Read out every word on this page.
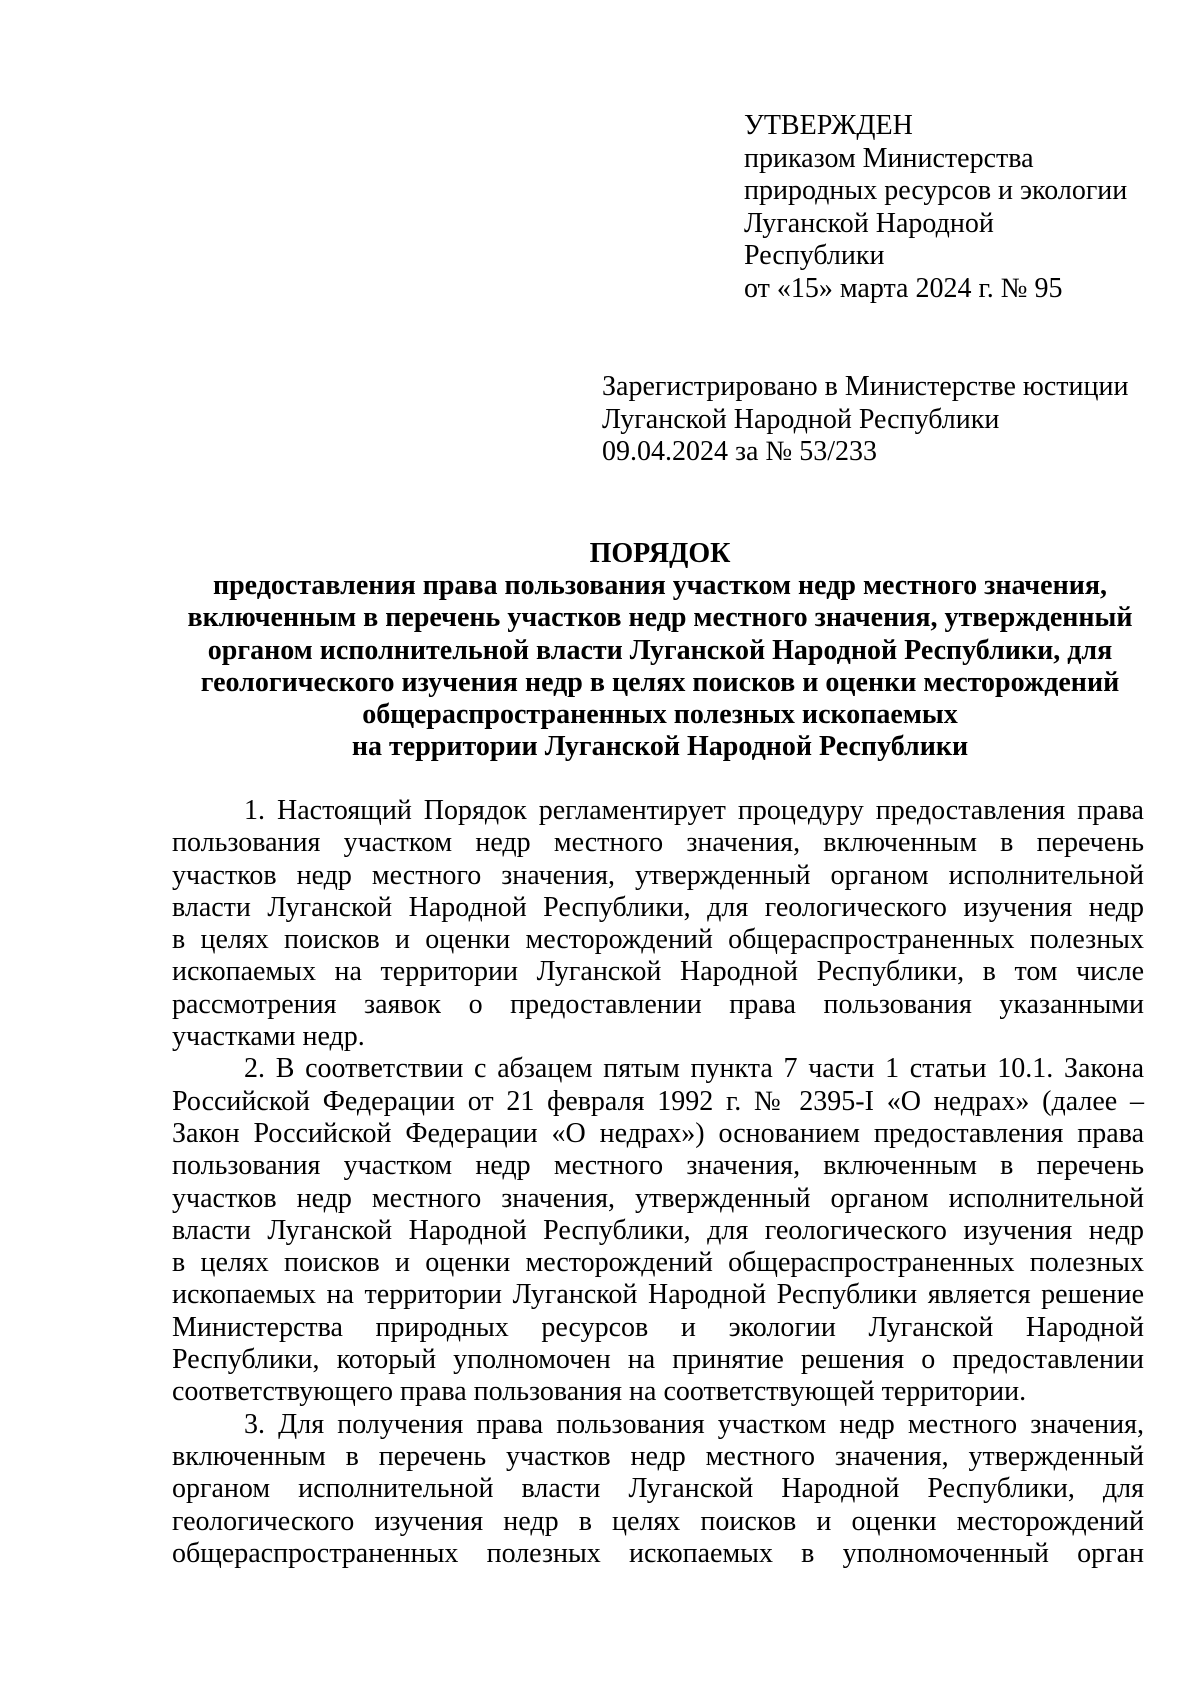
УТВЕРЖДЕН
приказом Министерства
природных ресурсов и экологии
Луганской Народной
Республики
от «15» марта 2024 г. № 95
Зарегистрировано в Министерстве юстиции
Луганской Народной Республики
09.04.2024 за № 53/233
ПОРЯДОК
предоставления права пользования участком недр местного значения,
включенным в перечень участков недр местного значения, утвержденный
органом исполнительной власти Луганской Народной Республики, для
геологического изучения недр в целях поисков и оценки месторождений
общераспространенных полезных ископаемых
на территории Луганской Народной Республики
1. Настоящий Порядок регламентирует процедуру предоставления права
пользования участком недр местного значения, включенным в перечень
участков недр местного значения, утвержденный органом исполнительной
власти Луганской Народной Республики, для геологического изучения недр
в целях поисков и оценки месторождений общераспространенных полезных
ископаемых на территории Луганской Народной Республики, в том числе
рассмотрения заявок о предоставлении права пользования указанными
участками недр.
2. В соответствии с абзацем пятым пункта 7 части 1 статьи 10.1. Закона
Российской Федерации от 21 февраля 1992 г. № 2395-I «О недрах» (далее –
Закон Российской Федерации «О недрах») основанием предоставления права
пользования участком недр местного значения, включенным в перечень
участков недр местного значения, утвержденный органом исполнительной
власти Луганской Народной Республики, для геологического изучения недр
в целях поисков и оценки месторождений общераспространенных полезных
ископаемых на территории Луганской Народной Республики является решение
Министерства природных ресурсов и экологии Луганской Народной
Республики, который уполномочен на принятие решения о предоставлении
соответствующего права пользования на соответствующей территории.
3. Для получения права пользования участком недр местного значения,
включенным в перечень участков недр местного значения, утвержденный
органом исполнительной власти Луганской Народной Республики, для
геологического изучения недр в целях поисков и оценки месторождений
общераспространенных полезных ископаемых в уполномоченный орган
